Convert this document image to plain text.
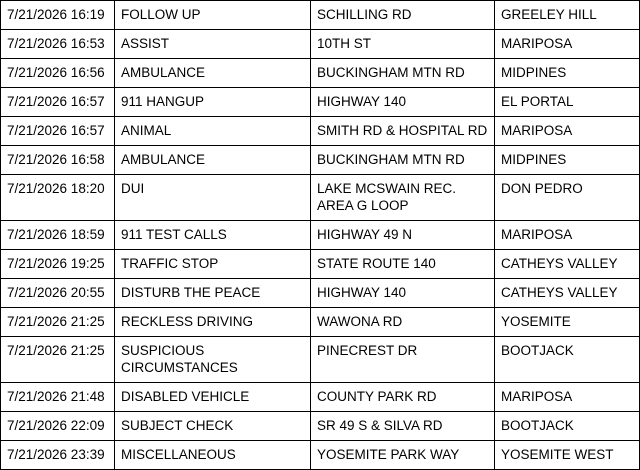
7/21/2026 16:19	FOLLOW UP	SCHILLING RD	GREELEY HILL
7/21/2026 16:53	ASSIST	10TH ST	MARIPOSA
7/21/2026 16:56	AMBULANCE	BUCKINGHAM MTN RD	MIDPINES
7/21/2026 16:57	911 HANGUP	HIGHWAY 140	EL PORTAL
7/21/2026 16:57	ANIMAL	SMITH RD & HOSPITAL RD	MARIPOSA
7/21/2026 16:58	AMBULANCE	BUCKINGHAM MTN RD	MIDPINES
7/21/2026 18:20	DUI	LAKE MCSWAIN REC. AREA G LOOP	DON PEDRO
7/21/2026 18:59	911 TEST CALLS	HIGHWAY 49 N	MARIPOSA
7/21/2026 19:25	TRAFFIC STOP	STATE ROUTE 140	CATHEYS VALLEY
7/21/2026 20:55	DISTURB THE PEACE	HIGHWAY 140	CATHEYS VALLEY
7/21/2026 21:25	RECKLESS DRIVING	WAWONA RD	YOSEMITE
7/21/2026 21:25	SUSPICIOUS CIRCUMSTANCES	PINECREST DR	BOOTJACK
7/21/2026 21:48	DISABLED VEHICLE	COUNTY PARK RD	MARIPOSA
7/21/2026 22:09	SUBJECT CHECK	SR 49 S & SILVA RD	BOOTJACK
7/21/2026 23:39	MISCELLANEOUS	YOSEMITE PARK WAY	YOSEMITE WEST
